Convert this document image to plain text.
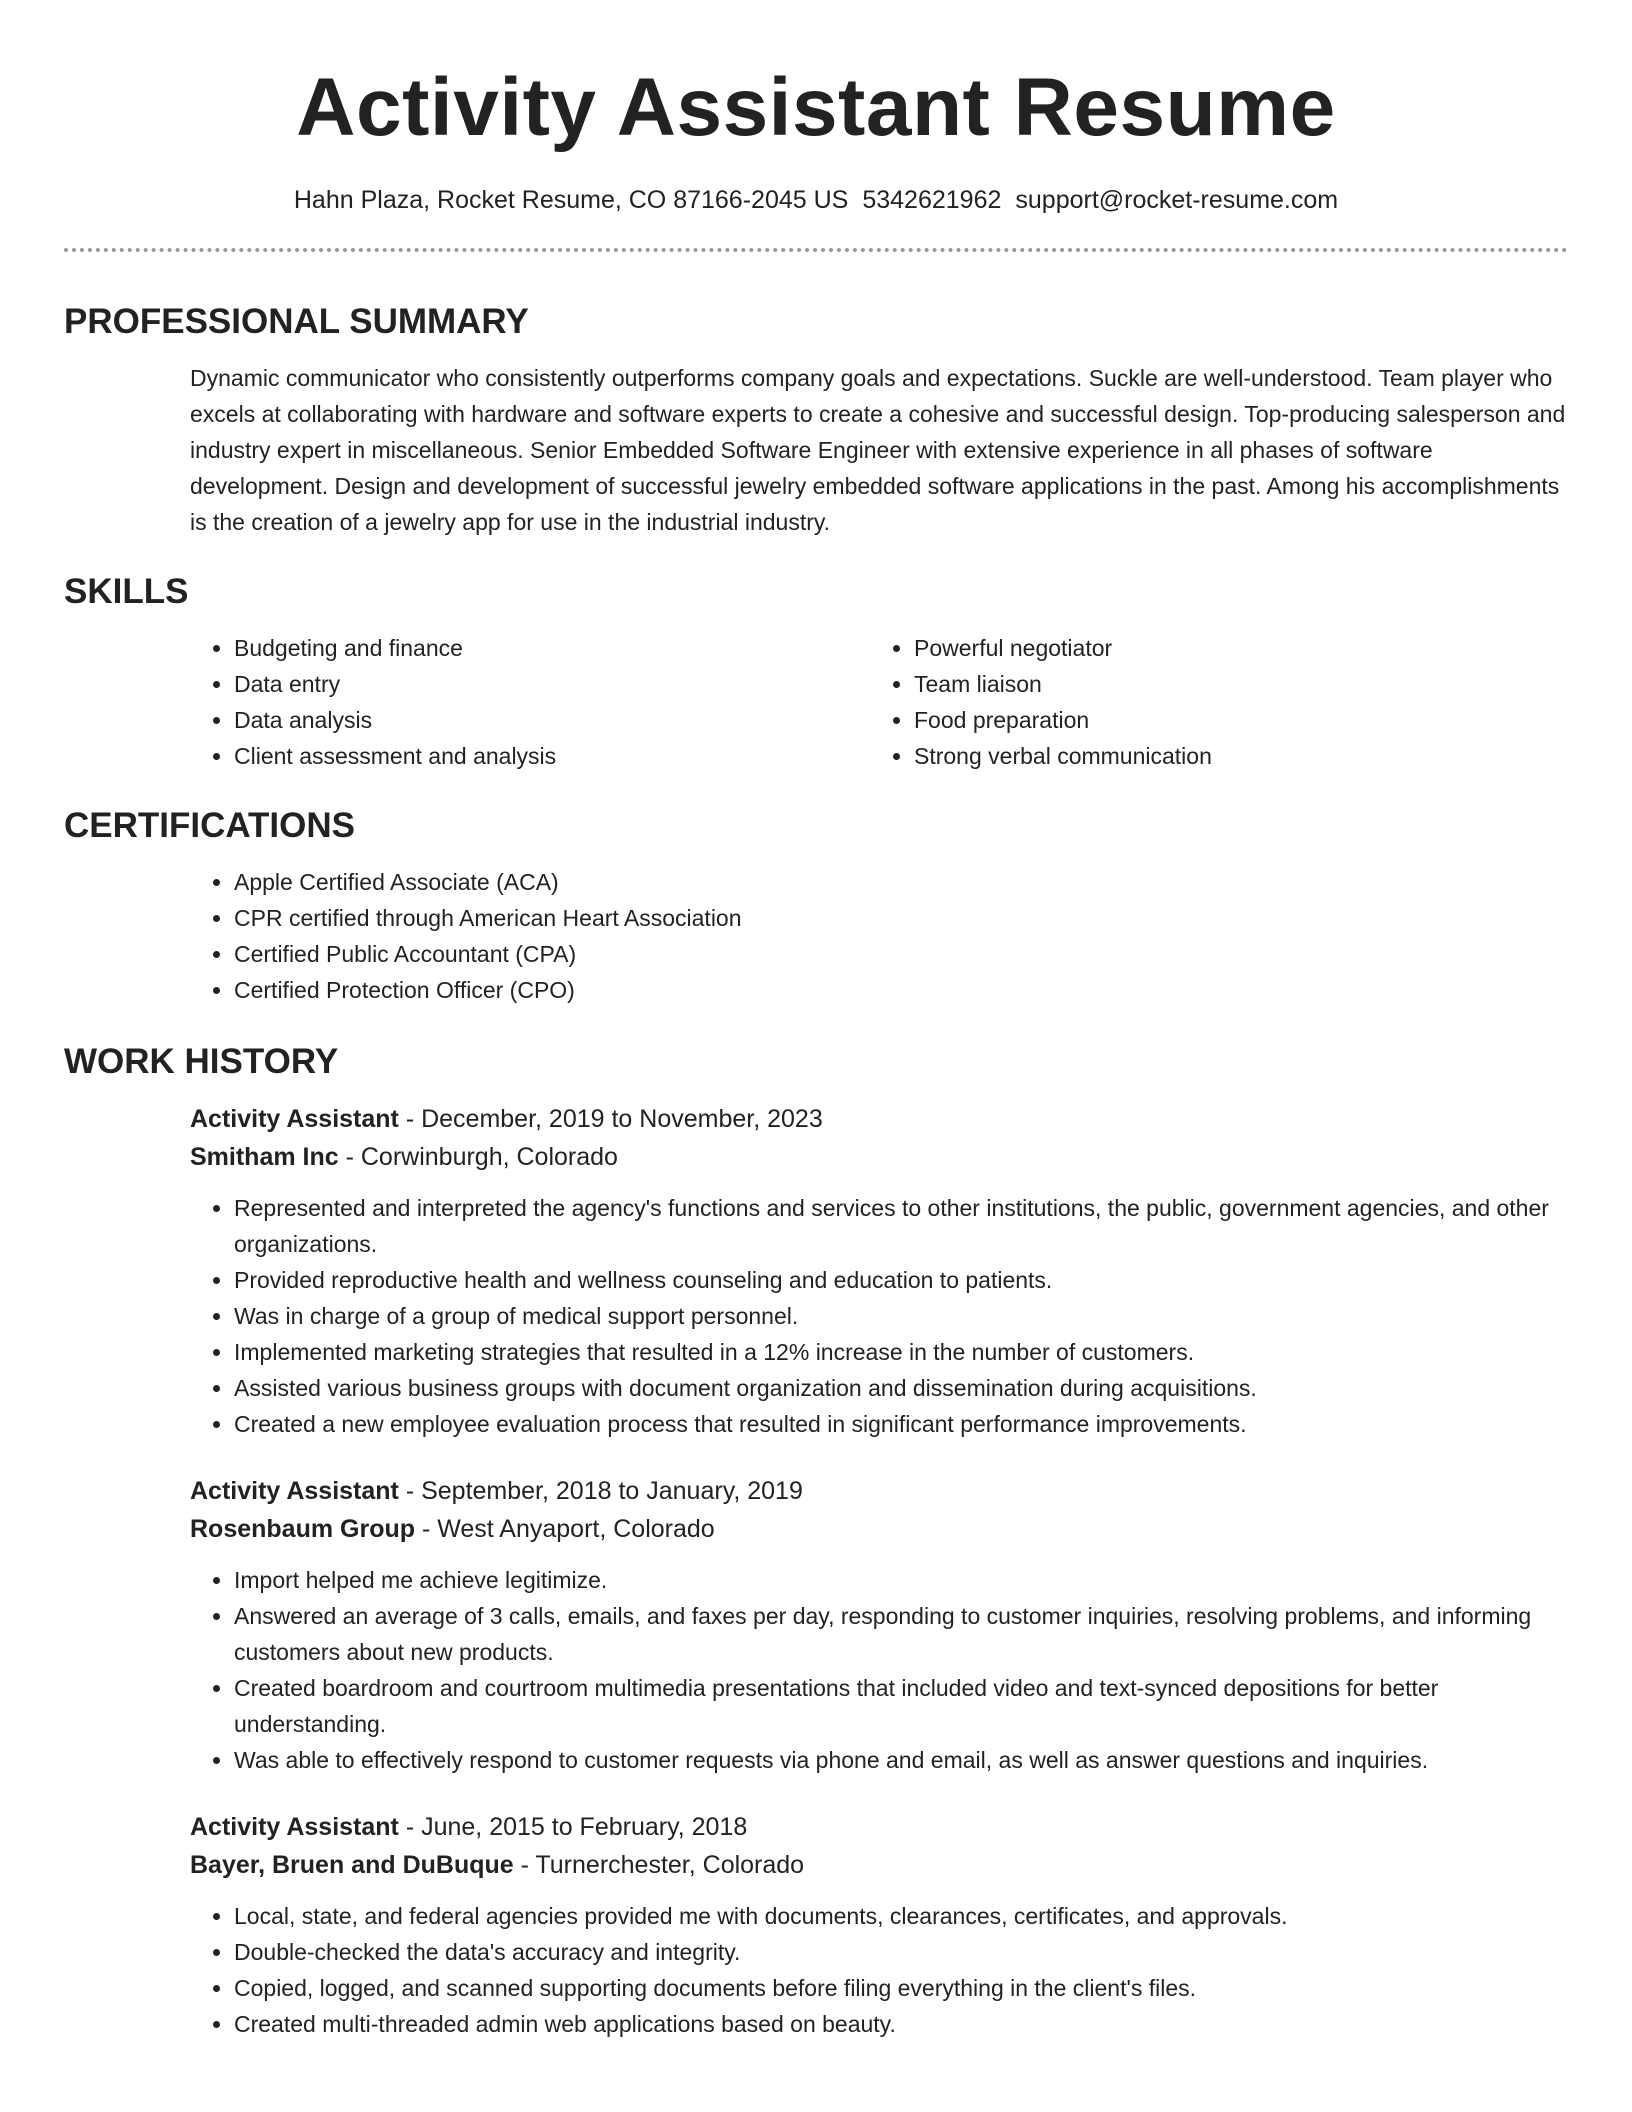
Activity Assistant Resume
Hahn Plaza, Rocket Resume, CO 87166-2045 US 5342621962 support@rocket-resume.com
PROFESSIONAL SUMMARY

Dynamic communicator who consistently outperforms company goals and expectations. Suckle are well-understood. Team player who excels at collaborating with hardware and software experts to create a cohesive and successful design. Top-producing salesperson and industry expert in miscellaneous. Senior Embedded Software Engineer with extensive experience in all phases of software development. Design and development of successful jewelry embedded software applications in the past. Among his accomplishments is the creation of a jewelry app for use in the industrial industry.

SKILLS
• Budgeting and finance
• Data entry
• Data analysis
• Client assessment and analysis
• Powerful negotiator
• Team liaison
• Food preparation
• Strong verbal communication
CERTIFICATIONS
• Apple Certified Associate (ACA)
• CPR certified through American Heart Association
• Certified Public Accountant (CPA)
• Certified Protection Officer (CPO)
WORK HISTORY
Activity Assistant - December, 2019 to November, 2023
Smitham Inc - Corwinburgh, Colorado
• Represented and interpreted the agency's functions and services to other institutions, the public, government agencies, and other organizations.
• Provided reproductive health and wellness counseling and education to patients.
• Was in charge of a group of medical support personnel.
• Implemented marketing strategies that resulted in a 12% increase in the number of customers.
• Assisted various business groups with document organization and dissemination during acquisitions.
• Created a new employee evaluation process that resulted in significant performance improvements.
Activity Assistant - September, 2018 to January, 2019
Rosenbaum Group - West Anyaport, Colorado
• Import helped me achieve legitimize.
• Answered an average of 3 calls, emails, and faxes per day, responding to customer inquiries, resolving problems, and informing customers about new products.
• Created boardroom and courtroom multimedia presentations that included video and text-synced depositions for better understanding.
• Was able to effectively respond to customer requests via phone and email, as well as answer questions and inquiries.
Activity Assistant - June, 2015 to February, 2018
Bayer, Bruen and DuBuque - Turnerchester, Colorado
• Local, state, and federal agencies provided me with documents, clearances, certificates, and approvals.
• Double-checked the data's accuracy and integrity.
• Copied, logged, and scanned supporting documents before filing everything in the client's files.
• Created multi-threaded admin web applications based on beauty.
